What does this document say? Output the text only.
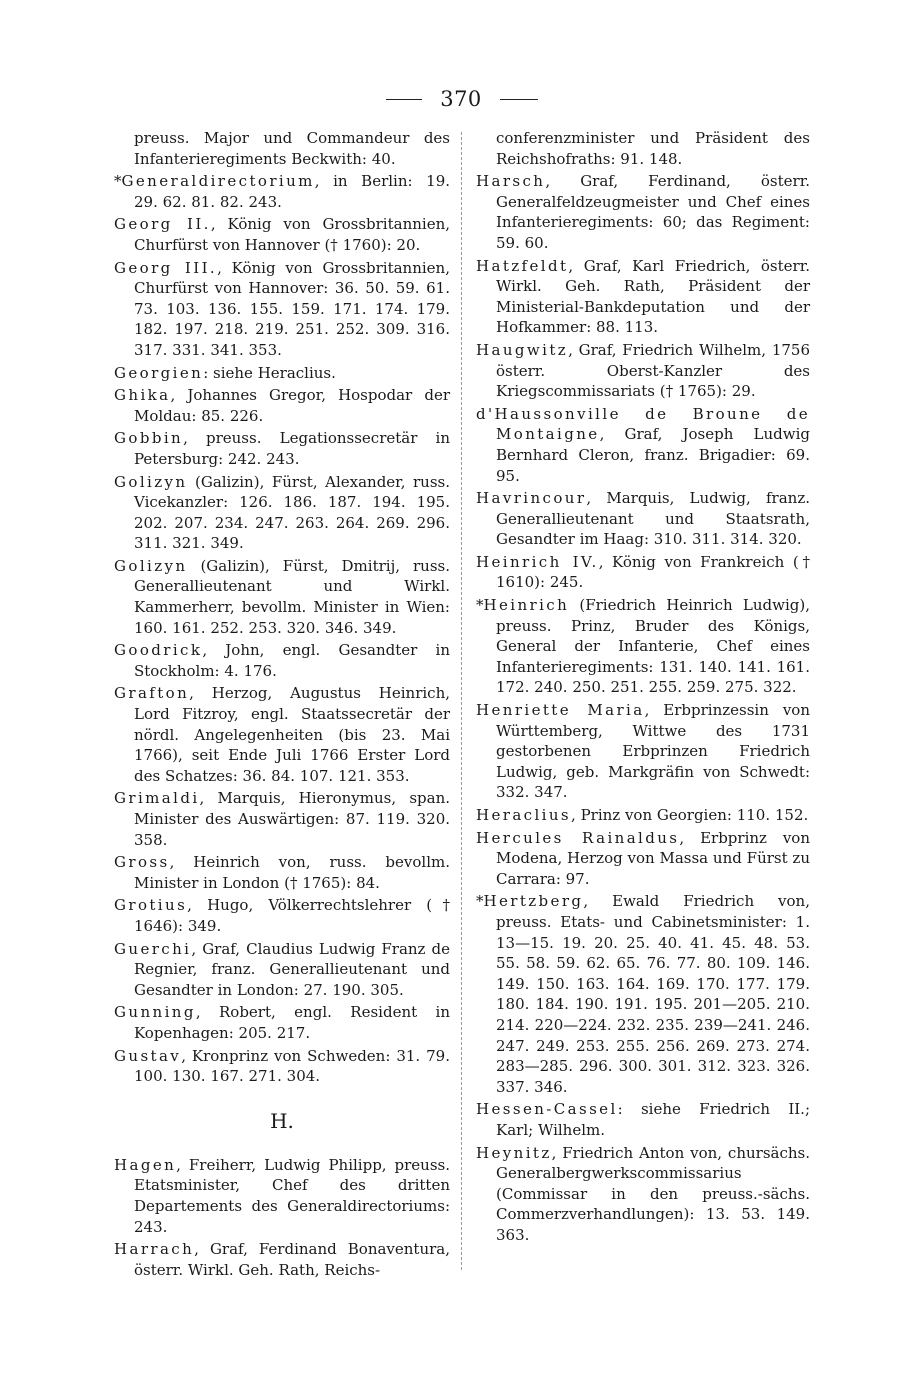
370

preuss. Major und Commandeur des Infanterieregiments Beckwith: 40.

*Generaldirectorium, in Berlin: 19. 29. 62. 81. 82. 243.

Georg II., König von Grossbritannien, Churfürst von Hannover († 1760): 20.

Georg III., König von Grossbritannien, Churfürst von Hannover: 36. 50. 59. 61. 73. 103. 136. 155. 159. 171. 174. 179. 182. 197. 218. 219. 251. 252. 309. 316. 317. 331. 341. 353.

Georgien: siehe Heraclius.

Ghika, Johannes Gregor, Hospodar der Moldau: 85. 226.

Gobbin, preuss. Legationssecretär in Petersburg: 242. 243.

Golizyn (Galizin), Fürst, Alexander, russ. Vicekanzler: 126. 186. 187. 194. 195. 202. 207. 234. 247. 263. 264. 269. 296. 311. 321. 349.

Golizyn (Galizin), Fürst, Dmitrij, russ. Generallieutenant und Wirkl. Kammerherr, bevollm. Minister in Wien: 160. 161. 252. 253. 320. 346. 349.

Goodrick, John, engl. Gesandter in Stockholm: 4. 176.

Grafton, Herzog, Augustus Heinrich, Lord Fitzroy, engl. Staatssecretär der nördl. Angelegenheiten (bis 23. Mai 1766), seit Ende Juli 1766 Erster Lord des Schatzes: 36. 84. 107. 121. 353.

Grimaldi, Marquis, Hieronymus, span. Minister des Auswärtigen: 87. 119. 320. 358.

Gross, Heinrich von, russ. bevollm. Minister in London († 1765): 84.

Grotius, Hugo, Völkerrechtslehrer († 1646): 349.

Guerchi, Graf, Claudius Ludwig Franz de Regnier, franz. Generallieutenant und Gesandter in London: 27. 190. 305.

Gunning, Robert, engl. Resident in Kopenhagen: 205. 217.

Gustav, Kronprinz von Schweden: 31. 79. 100. 130. 167. 271. 304.

H.

Hagen, Freiherr, Ludwig Philipp, preuss. Etatsminister, Chef des dritten Departements des Generaldirectoriums: 243.

Harrach, Graf, Ferdinand Bonaventura, österr. Wirkl. Geh. Rath, Reichs-

conferenzminister und Präsident des Reichshofraths: 91. 148.

Harsch, Graf, Ferdinand, österr. Generalfeldzeugmeister und Chef eines Infanterieregiments: 60; das Regiment: 59. 60.

Hatzfeldt, Graf, Karl Friedrich, österr. Wirkl. Geh. Rath, Präsident der Ministerial-Bankdeputation und der Hofkammer: 88. 113.

Haugwitz, Graf, Friedrich Wilhelm, 1756 österr. Oberst-Kanzler des Kriegscommissariats († 1765): 29.

d'Haussonville de Broune de Montaigne, Graf, Joseph Ludwig Bernhard Cleron, franz. Brigadier: 69. 95.

Havrincour, Marquis, Ludwig, franz. Generallieutenant und Staatsrath, Gesandter im Haag: 310. 311. 314. 320.

Heinrich IV., König von Frankreich († 1610): 245.

*Heinrich (Friedrich Heinrich Ludwig), preuss. Prinz, Bruder des Königs, General der Infanterie, Chef eines Infanterieregiments: 131. 140. 141. 161. 172. 240. 250. 251. 255. 259. 275. 322.

Henriette Maria, Erbprinzessin von Württemberg, Wittwe des 1731 gestorbenen Erbprinzen Friedrich Ludwig, geb. Markgräfin von Schwedt: 332. 347.

Heraclius, Prinz von Georgien: 110. 152.

Hercules Rainaldus, Erbprinz von Modena, Herzog von Massa und Fürst zu Carrara: 97.

*Hertzberg, Ewald Friedrich von, preuss. Etats- und Cabinetsminister: 1. 13—15. 19. 20. 25. 40. 41. 45. 48. 53. 55. 58. 59. 62. 65. 76. 77. 80. 109. 146. 149. 150. 163. 164. 169. 170. 177. 179. 180. 184. 190. 191. 195. 201—205. 210. 214. 220—224. 232. 235. 239—241. 246. 247. 249. 253. 255. 256. 269. 273. 274. 283—285. 296. 300. 301. 312. 323. 326. 337. 346.

Hessen-Cassel: siehe Friedrich II.; Karl; Wilhelm.

Heynitz, Friedrich Anton von, chursächs. Generalbergwerkscommissarius (Commissar in den preuss.-sächs. Commerzverhandlungen): 13. 53. 149. 363.
